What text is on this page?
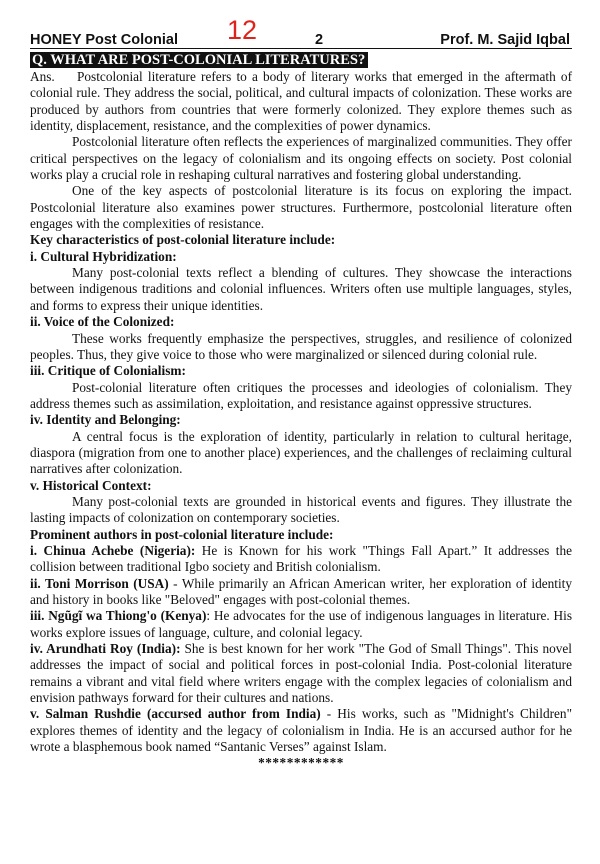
HONEY Post Colonial 12	2	Prof. M. Sajid Iqbal
Q. WHAT ARE POST-COLONIAL LITERATURES?

Ans. Postcolonial literature refers to a body of literary works that emerged in the aftermath of colonial rule. They address the social, political, and cultural impacts of colonization. These works are produced by authors from countries that were formerly colonized. They explore themes such as identity, displacement, resistance, and the complexities of power dynamics.

Postcolonial literature often reflects the experiences of marginalized communities. They offer critical perspectives on the legacy of colonialism and its ongoing effects on society. Post colonial works play a crucial role in reshaping cultural narratives and fostering global understanding.

One of the key aspects of postcolonial literature is its focus on exploring the impact. Postcolonial literature also examines power structures. Furthermore, postcolonial literature often engages with the complexities of resistance.

Key characteristics of post-colonial literature include:

i. Cultural Hybridization:

Many post-colonial texts reflect a blending of cultures. They showcase the interactions between indigenous traditions and colonial influences. Writers often use multiple languages, styles, and forms to express their unique identities.

ii. Voice of the Colonized:

These works frequently emphasize the perspectives, struggles, and resilience of colonized peoples. Thus, they give voice to those who were marginalized or silenced during colonial rule.

iii. Critique of Colonialism:

Post-colonial literature often critiques the processes and ideologies of colonialism. They address themes such as assimilation, exploitation, and resistance against oppressive structures.

iv. Identity and Belonging:

A central focus is the exploration of identity, particularly in relation to cultural heritage, diaspora (migration from one to another place) experiences, and the challenges of reclaiming cultural narratives after colonization.

v. Historical Context:

Many post-colonial texts are grounded in historical events and figures. They illustrate the lasting impacts of colonization on contemporary societies.

Prominent authors in post-colonial literature include:

i. Chinua Achebe (Nigeria): He is Known for his work "Things Fall Apart.” It addresses the collision between traditional Igbo society and British colonialism.

ii. Toni Morrison (USA) - While primarily an African American writer, her exploration of identity and history in books like "Beloved" engages with post-colonial themes.

iii. Ngũgĩ wa Thiong'o (Kenya): He advocates for the use of indigenous languages in literature. His works explore issues of language, culture, and colonial legacy.

iv. Arundhati Roy (India): She is best known for her work "The God of Small Things". This novel addresses the impact of social and political forces in post-colonial India. Post-colonial literature remains a vibrant and vital field where writers engage with the complex legacies of colonialism and envision pathways forward for their cultures and nations.

v. Salman Rushdie (accursed author from India) - His works, such as "Midnight's Children" explores themes of identity and the legacy of colonialism in India. He is an accursed author for he wrote a blasphemous book named “Santanic Verses” against Islam.

************
